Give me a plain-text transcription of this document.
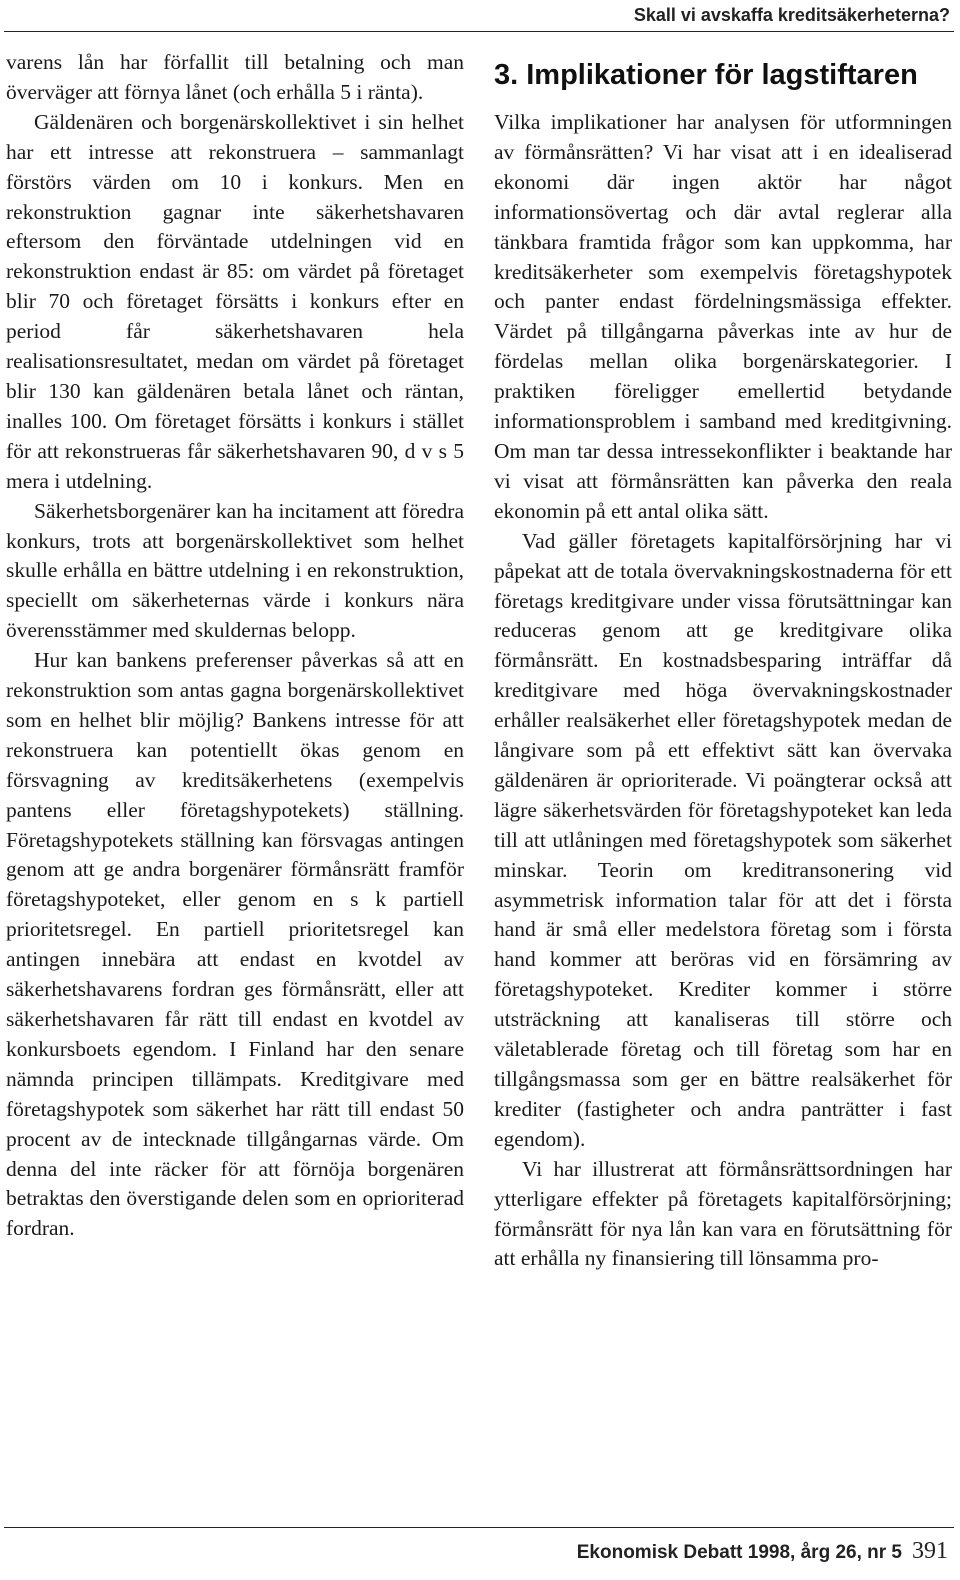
Skall vi avskaffa kreditsäkerheterna?

varens lån har förfallit till betalning och man överväger att förnya lånet (och erhålla 5 i ränta).

Gäldenären och borgenärskollektivet i sin helhet har ett intresse att rekonstruera – sammanlagt förstörs värden om 10 i konkurs. Men en rekonstruktion gagnar inte säkerhetshavaren eftersom den förväntade utdelningen vid en rekonstruktion endast är 85: om värdet på företaget blir 70 och företaget försätts i konkurs efter en period får säkerhetshavaren hela realisationsresultatet, medan om värdet på företaget blir 130 kan gäldenären betala lånet och räntan, inalles 100. Om företaget försätts i konkurs i stället för att rekonstrueras får säkerhetshavaren 90, d v s 5 mera i utdelning.

Säkerhetsborgenärer kan ha incitament att föredra konkurs, trots att borgenärskollektivet som helhet skulle erhålla en bättre utdelning i en rekonstruktion, speciellt om säkerheternas värde i konkurs nära överensstämmer med skuldernas belopp.

Hur kan bankens preferenser påverkas så att en rekonstruktion som antas gagna borgenärskollektivet som en helhet blir möjlig? Bankens intresse för att rekonstruera kan potentiellt ökas genom en försvagning av kreditsäkerhetens (exempelvis pantens eller företagshypotekets) ställning. Företagshypotekets ställning kan försvagas antingen genom att ge andra borgenärer förmånsrätt framför företagshypoteket, eller genom en s k partiell prioritetsregel. En partiell prioritetsregel kan antingen innebära att endast en kvotdel av säkerhetshavarens fordran ges förmånsrätt, eller att säkerhetshavaren får rätt till endast en kvotdel av konkursboets egendom. I Finland har den senare nämnda principen tillämpats. Kreditgivare med företagshypotek som säkerhet har rätt till endast 50 procent av de intecknade tillgångarnas värde. Om denna del inte räcker för att förnöja borgenären betraktas den överstigande delen som en oprioriterad fordran.

3. Implikationer för lagstiftaren

Vilka implikationer har analysen för utformningen av förmånsrätten? Vi har visat att i en idealiserad ekonomi där ingen aktör har något informationsövertag och där avtal reglerar alla tänkbara framtida frågor som kan uppkomma, har kreditsäkerheter som exempelvis företagshypotek och panter endast fördelningsmässiga effekter. Värdet på tillgångarna påverkas inte av hur de fördelas mellan olika borgenärskategorier. I praktiken föreligger emellertid betydande informationsproblem i samband med kreditgivning. Om man tar dessa intressekonflikter i beaktande har vi visat att förmånsrätten kan påverka den reala ekonomin på ett antal olika sätt.

Vad gäller företagets kapitalförsörjning har vi påpekat att de totala övervakningskostnaderna för ett företags kreditgivare under vissa förutsättningar kan reduceras genom att ge kreditgivare olika förmånsrätt. En kostnadsbesparing inträffar då kreditgivare med höga övervakningskostnader erhåller realsäkerhet eller företagshypotek medan de långivare som på ett effektivt sätt kan övervaka gäldenären är oprioriterade. Vi poängterar också att lägre säkerhetsvärden för företagshypoteket kan leda till att utlåningen med företagshypotek som säkerhet minskar. Teorin om kreditransonering vid asymmetrisk information talar för att det i första hand är små eller medelstora företag som i första hand kommer att beröras vid en försämring av företagshypoteket. Krediter kommer i större utsträckning att kanaliseras till större och väletablerade företag och till företag som har en tillgångsmassa som ger en bättre realsäkerhet för krediter (fastigheter och andra panträtter i fast egendom).

Vi har illustrerat att förmånsrättsordningen har ytterligare effekter på företagets kapitalförsörjning; förmånsrätt för nya lån kan vara en förutsättning för att erhålla ny finansiering till lönsamma pro-

Ekonomisk Debatt 1998, årg 26, nr 5 391
